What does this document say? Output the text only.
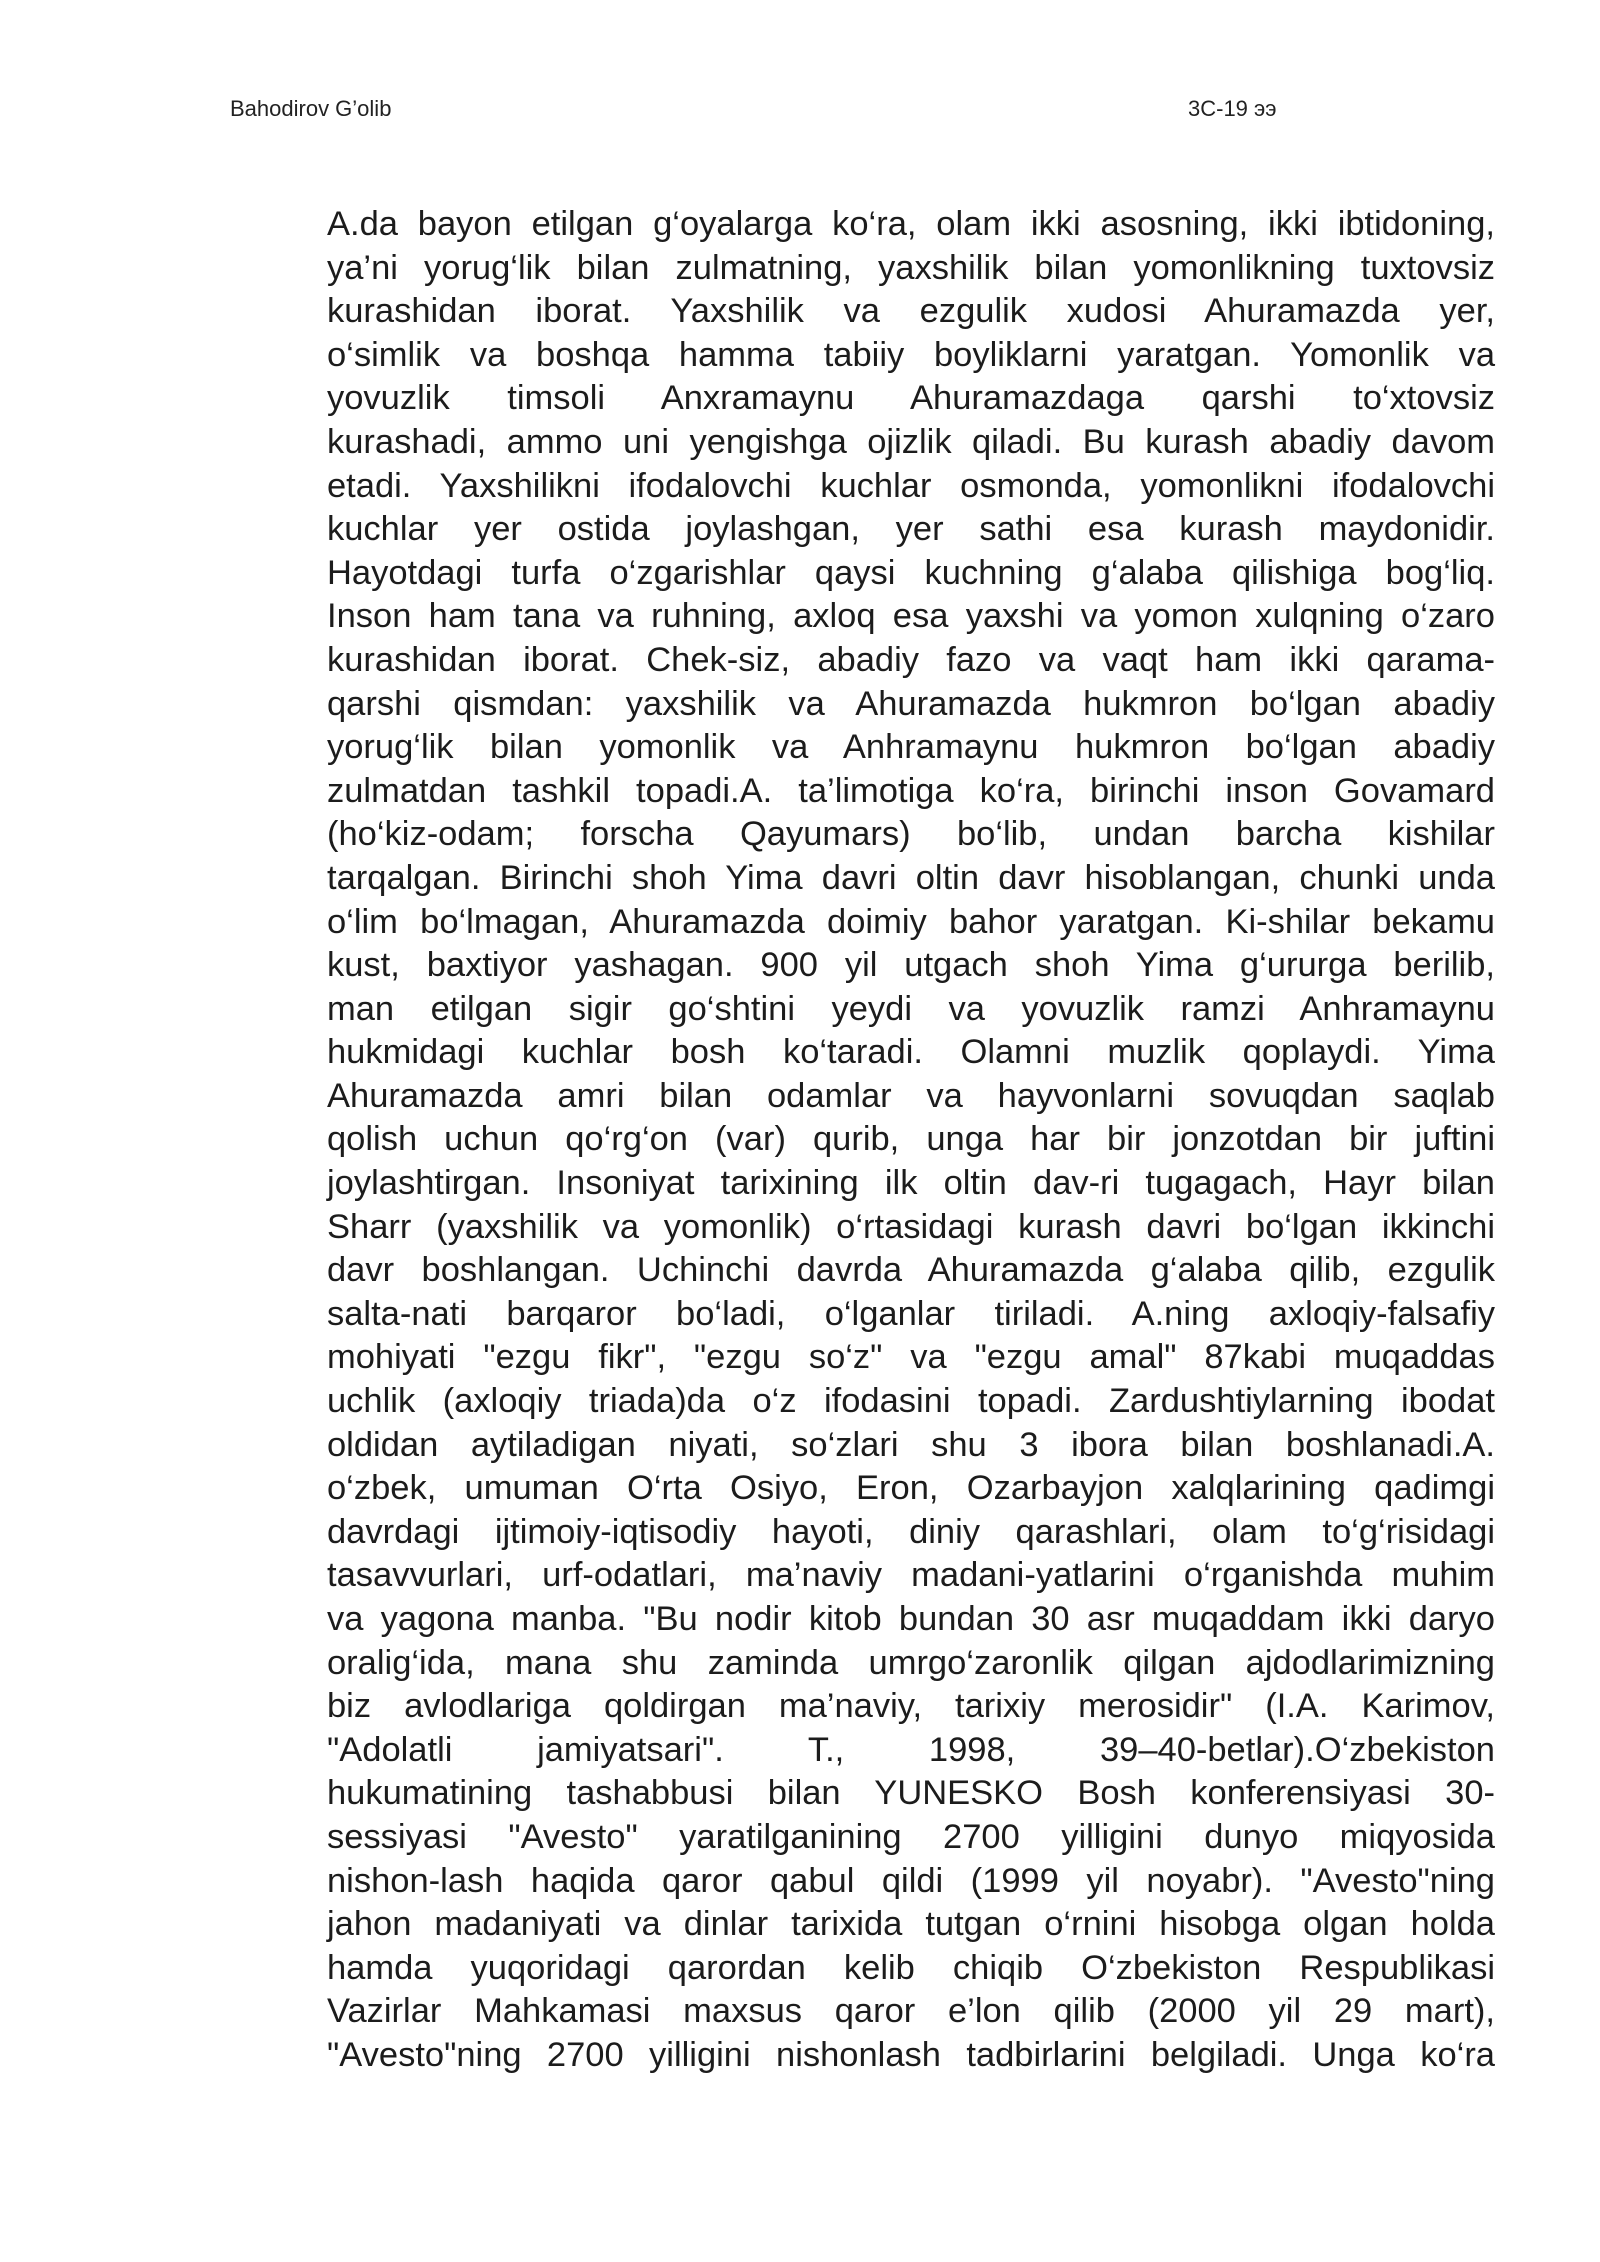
Bahodirov G’olib	3C-19 ээ
A.da bayon etilgan g‘oyalarga ko‘ra, olam ikki asosning, ikki ibtidoning,
ya’ni yorug‘lik bilan zulmatning, yaxshilik bilan yomonlikning tuxtovsiz
kurashidan iborat. Yaxshilik va ezgulik xudosi Ahuramazda yer,
o‘simlik va boshqa hamma tabiiy boyliklarni yaratgan. Yomonlik va
yovuzlik timsoli Anxramaynu Ahuramazdaga qarshi to‘xtovsiz
kurashadi, ammo uni yengishga ojizlik qiladi. Bu kurash abadiy davom
etadi. Yaxshilikni ifodalovchi kuchlar osmonda, yomonlikni ifodalovchi
kuchlar yer ostida joylashgan, yer sathi esa kurash maydonidir.
Hayotdagi turfa o‘zgarishlar qaysi kuchning g‘alaba qilishiga bog‘liq.
Inson ham tana va ruhning, axloq esa yaxshi va yomon xulqning o‘zaro
kurashidan iborat. Chek-siz, abadiy fazo va vaqt ham ikki qarama-
qarshi qismdan: yaxshilik va Ahuramazda hukmron bo‘lgan abadiy
yorug‘lik bilan yomonlik va Anhramaynu hukmron bo‘lgan abadiy
zulmatdan tashkil topadi.A. ta’limotiga ko‘ra, birinchi inson Govamard
(ho‘kiz-odam; forscha Qayumars) bo‘lib, undan barcha kishilar
tarqalgan. Birinchi shoh Yima davri oltin davr hisoblangan, chunki unda
o‘lim bo‘lmagan, Ahuramazda doimiy bahor yaratgan. Ki-shilar bekamu
kust, baxtiyor yashagan. 900 yil utgach shoh Yima g‘ururga berilib,
man etilgan sigir go‘shtini yeydi va yovuzlik ramzi Anhramaynu
hukmidagi kuchlar bosh ko‘taradi. Olamni muzlik qoplaydi. Yima
Ahuramazda amri bilan odamlar va hayvonlarni sovuqdan saqlab
qolish uchun qo‘rg‘on (var) qurib, unga har bir jonzotdan bir juftini
joylashtirgan. Insoniyat tarixining ilk oltin dav-ri tugagach, Hayr bilan
Sharr (yaxshilik va yomonlik) o‘rtasidagi kurash davri bo‘lgan ikkinchi
davr boshlangan. Uchinchi davrda Ahuramazda g‘alaba qilib, ezgulik
salta-nati barqaror bo‘ladi, o‘lganlar tiriladi. A.ning axloqiy-falsafiy
mohiyati "ezgu fikr", "ezgu so‘z" va "ezgu amal" 87kabi muqaddas
uchlik (axloqiy triada)da o‘z ifodasini topadi. Zardushtiylarning ibodat
oldidan aytiladigan niyati, so‘zlari shu 3 ibora bilan boshlanadi.A.
o‘zbek, umuman O‘rta Osiyo, Eron, Ozarbayjon xalqlarining qadimgi
davrdagi ijtimoiy-iqtisodiy hayoti, diniy qarashlari, olam to‘g‘risidagi
tasavvurlari, urf-odatlari, ma’naviy madani-yatlarini o‘rganishda muhim
va yagona manba. "Bu nodir kitob bundan 30 asr muqaddam ikki daryo
oralig‘ida, mana shu zaminda umrgo‘zaronlik qilgan ajdodlarimizning
biz avlodlariga qoldirgan ma’naviy, tarixiy merosidir" (I.A. Karimov,
"Adolatli jamiyatsari". T., 1998, 39–40-betlar).O‘zbekiston
hukumatining tashabbusi bilan YUNESKO Bosh konferensiyasi 30-
sessiyasi "Avesto" yaratilganining 2700 yilligini dunyo miqyosida
nishon-lash haqida qaror qabul qildi (1999 yil noyabr). "Avesto"ning
jahon madaniyati va dinlar tarixida tutgan o‘rnini hisobga olgan holda
hamda yuqoridagi qarordan kelib chiqib O‘zbekiston Respublikasi
Vazirlar Mahkamasi maxsus qaror e’lon qilib (2000 yil 29 mart),
"Avesto"ning 2700 yilligini nishonlash tadbirlarini belgiladi. Unga ko‘ra
